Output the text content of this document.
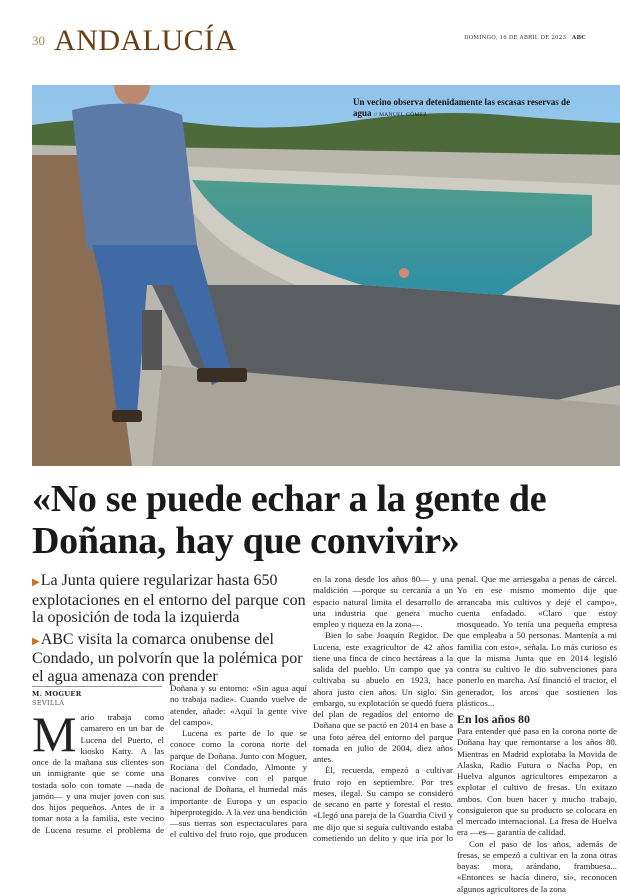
30 ANDALUCÍA	DOMINGO, 16 DE ABRIL DE 2023 ABC
Un vecino observa detenidamente las escasas reservas de agua // MANUEL GÓMEZ
«No se puede echar a la gente de Doñana, hay que convivir»
▶La Junta quiere regularizar hasta 650 explotaciones en el entorno del parque con la oposición de toda la izquierda
▶ABC visita la comarca onubense del Condado, un polvorín que la polémica por el agua amenaza con prender
M. MOGUER
SEVILLA
M ario trabaja como camarero en un bar de Lucena del Puerto, el kiosko Katty. A las once de la mañana sus clientes son un inmigrante que se come una tostada solo con tomate —nada de jamón— y una mujer joven con sus dos hijos pequeños. Antes de ir a tomar nota a la familia, este vecino de Lucena resume el problema de

Doñana y su entorno: «Sin agua aquí no trabaja nadie». Cuando vuelve de atender, añade: «Aquí la gente vive del campo».

Lucena es parte de lo que se conoce como la corona norte del parque de Doñana. Junto con Moguer, Rociana del Condado, Almonte y Bonares convive con el parque nacional de Doñana, el humedal más importante de Europa y un espacio hiperprotegido. A la vez una bendición —sus tierras son espectaculares para el cultivo del fruto rojo, que producen

en la zona desde los años 80— y una maldición —porque su cercanía a un espacio natural limita el desarrollo de una industria que genera mucho empleo y riqueza en la zona—.

Bien lo sabe Joaquín Regidor. De Lucena, este exagricultor de 42 años tiene una finca de cinco hectáreas a la salida del pueblo. Un campo que ya cultivaba su abuelo en 1923, hace ahora justo cien años. Un siglo. Sin embargo, su explotación se quedó fuera del plan de regadíos del entorno de Doñana que se pactó en 2014 en base a una foto aérea del entorno del parque tomada en julio de 2004, diez años antes.

Él, recuerda, empezó a cultivar fruto rojo en septiembre. Por tres meses, ilegal. Su campo se consideró de secano en parte y forestal el resto. «Llegó una pareja de la Guardia Civil y me dijo que si seguía cultivando estaba cometiendo un delito y que iría por lo

penal. Que me arriesgaba a penas de cárcel. Yo en ese mismo momento dije que arrancaba mis cultivos y dejé el campo», cuenta enfadado. «Claro que estoy mosqueado. Yo tenía una pequeña empresa que empleaba a 50 personas. Mantenía a mi familia con esto», señala. Lo más curioso es que la misma Junta que en 2014 legisló contra su cultivo le dio subvenciones para ponerlo en marcha. Así financió el tractor, el generador, los arcos que sostienen los plásticos...

En los años 80

Para entender qué pasa en la corona norte de Doñana hay que remontarse a los años 80. Mientras en Madrid explotaba la Movida de Alaska, Radio Futura o Nacha Pop, en Huelva algunos agricultores empezaron a explotar el cultivo de fresas. Un exitazo ambos. Con buen hacer y mucho trabajo, consiguieron que su producto se colocara en el mercado internacional. La fresa de Huelva era —es— garantía de calidad.

Con el paso de los años, además de fresas, se empezó a cultivar en la zona otras bayas: mora, arándano, frambuesa... «Entonces se hacía dinero, sí», reconocen algunos agricultores de la zona
